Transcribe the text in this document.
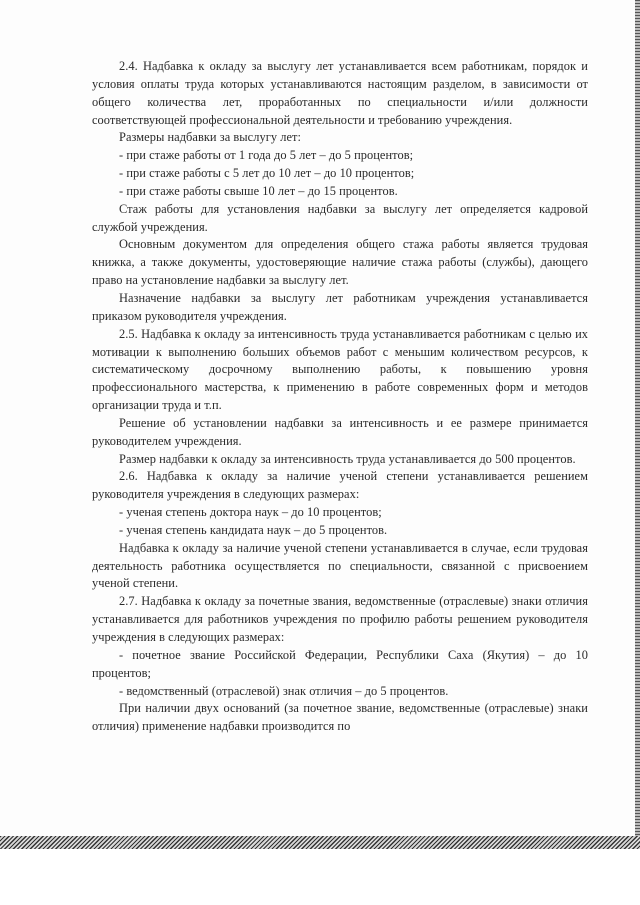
2.4. Надбавка к окладу за выслугу лет устанавливается всем работникам, порядок и условия оплаты труда которых устанавливаются настоящим разделом, в зависимости от общего количества лет, проработанных по специальности и/или должности соответствующей профессиональной деятельности и требованию учреждения.

Размеры надбавки за выслугу лет:

- при стаже работы от 1 года до 5 лет – до 5 процентов;

- при стаже работы с 5 лет до 10 лет – до 10 процентов;

- при стаже работы свыше 10 лет – до 15 процентов.

Стаж работы для установления надбавки за выслугу лет определяется кадровой службой учреждения.

Основным документом для определения общего стажа работы является трудовая книжка, а также документы, удостоверяющие наличие стажа работы (службы), дающего право на установление надбавки за выслугу лет.

Назначение надбавки за выслугу лет работникам учреждения устанавливается приказом руководителя учреждения.

2.5. Надбавка к окладу за интенсивность труда устанавливается работникам с целью их мотивации к выполнению больших объемов работ с меньшим количеством ресурсов, к систематическому досрочному выполнению работы, к повышению уровня профессионального мастерства, к применению в работе современных форм и методов организации труда и т.п.

Решение об установлении надбавки за интенсивность и ее размере принимается руководителем учреждения.

Размер надбавки к окладу за интенсивность труда устанавливается до 500 процентов.

2.6. Надбавка к окладу за наличие ученой степени устанавливается решением руководителя учреждения в следующих размерах:

- ученая степень доктора наук – до 10 процентов;

- ученая степень кандидата наук – до 5 процентов.

Надбавка к окладу за наличие ученой степени устанавливается в случае, если трудовая деятельность работника осуществляется по специальности, связанной с присвоением ученой степени.

2.7. Надбавка к окладу за почетные звания, ведомственные (отраслевые) знаки отличия устанавливается для работников учреждения по профилю работы решением руководителя учреждения в следующих размерах:

- почетное звание Российской Федерации, Республики Саха (Якутия) – до 10 процентов;

- ведомственный (отраслевой) знак отличия – до 5 процентов.

При наличии двух оснований (за почетное звание, ведомственные (отраслевые) знаки отличия) применение надбавки производится по
